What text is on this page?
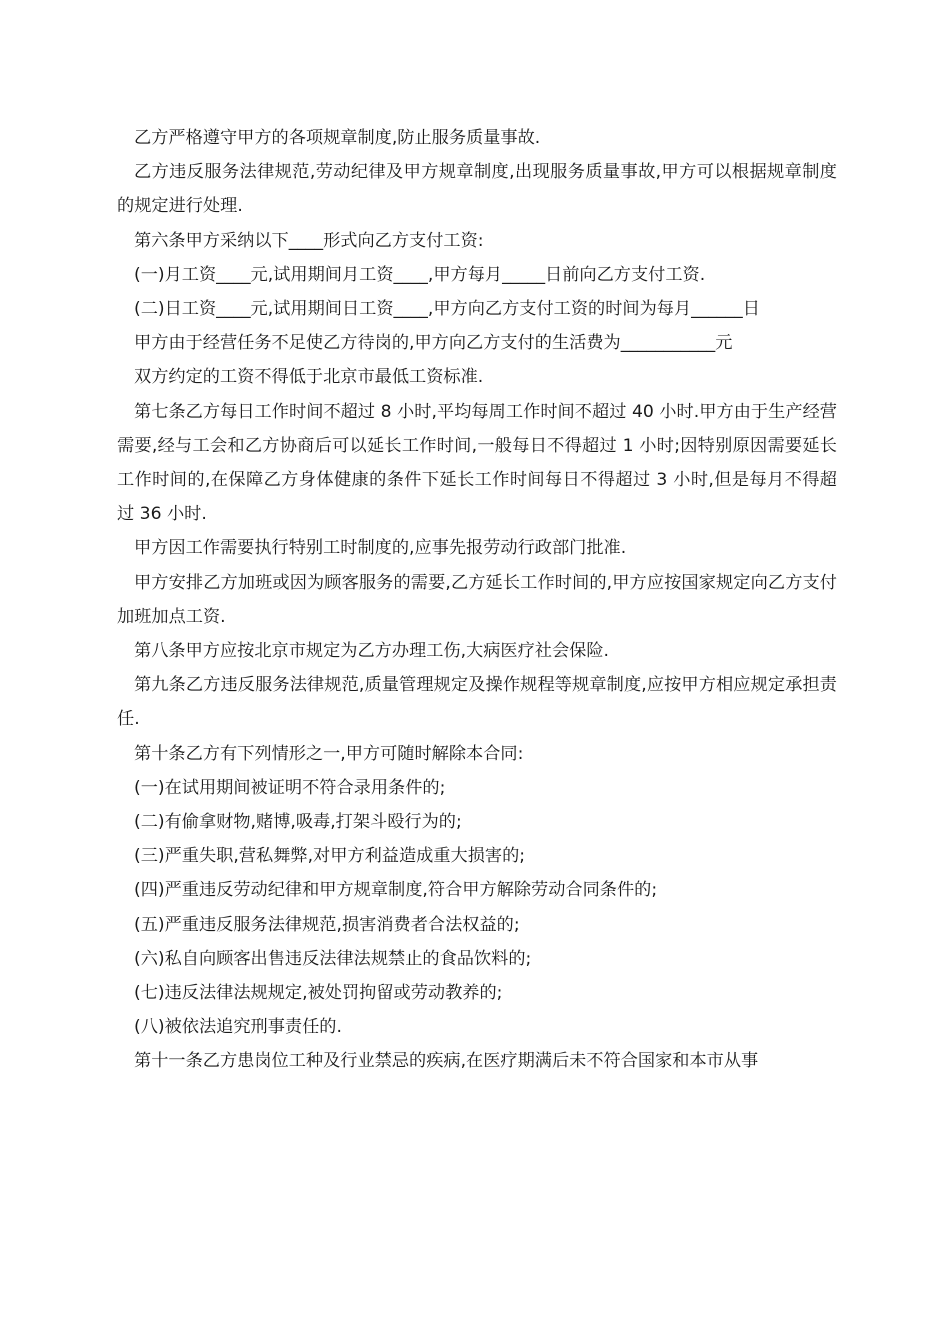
乙方严格遵守甲方的各项规章制度,防止服务质量事故.

乙方违反服务法律规范,劳动纪律及甲方规章制度,出现服务质量事故,甲方可以根据规章制度的规定进行处理.

第六条甲方采纳以下____形式向乙方支付工资:

(一)月工资____元,试用期间月工资____,甲方每月_____日前向乙方支付工资.

(二)日工资____元,试用期间日工资____,甲方向乙方支付工资的时间为每月______日

甲方由于经营任务不足使乙方待岗的,甲方向乙方支付的生活费为___________元

双方约定的工资不得低于北京市最低工资标准.

第七条乙方每日工作时间不超过 8 小时,平均每周工作时间不超过 40 小时.甲方由于生产经营需要,经与工会和乙方协商后可以延长工作时间,一般每日不得超过 1 小时;因特别原因需要延长工作时间的,在保障乙方身体健康的条件下延长工作时间每日不得超过 3 小时,但是每月不得超过 36 小时.

甲方因工作需要执行特别工时制度的,应事先报劳动行政部门批准.

甲方安排乙方加班或因为顾客服务的需要,乙方延长工作时间的,甲方应按国家规定向乙方支付加班加点工资.

第八条甲方应按北京市规定为乙方办理工伤,大病医疗社会保险.

第九条乙方违反服务法律规范,质量管理规定及操作规程等规章制度,应按甲方相应规定承担责任.

第十条乙方有下列情形之一,甲方可随时解除本合同:

(一)在试用期间被证明不符合录用条件的;

(二)有偷拿财物,赌博,吸毒,打架斗殴行为的;

(三)严重失职,营私舞弊,对甲方利益造成重大损害的;

(四)严重违反劳动纪律和甲方规章制度,符合甲方解除劳动合同条件的;

(五)严重违反服务法律规范,损害消费者合法权益的;

(六)私自向顾客出售违反法律法规禁止的食品饮料的;

(七)违反法律法规规定,被处罚拘留或劳动教养的;

(八)被依法追究刑事责任的.

第十一条乙方患岗位工种及行业禁忌的疾病,在医疗期满后未不符合国家和本市从事
